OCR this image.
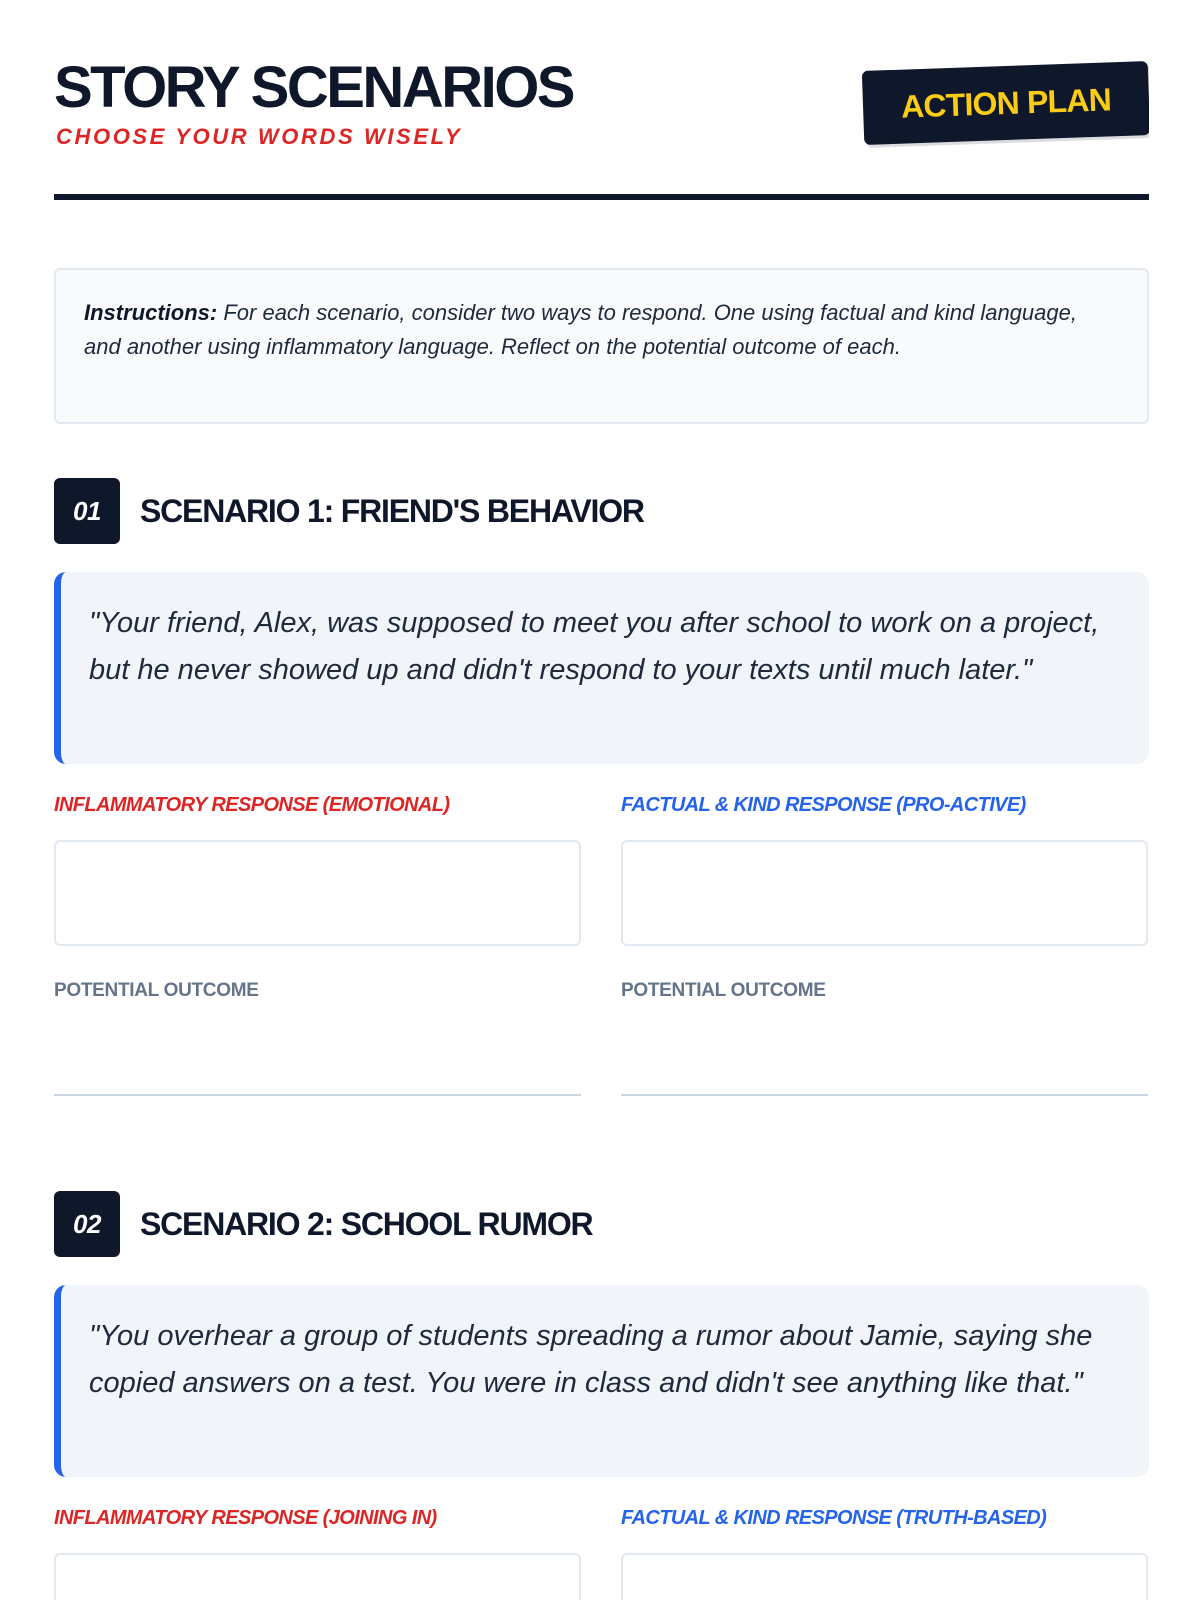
STORY SCENARIOS
CHOOSE YOUR WORDS WISELY
ACTION PLAN
Instructions: For each scenario, consider two ways to respond. One using factual and kind language, and another using inflammatory language. Reflect on the potential outcome of each.
01	SCENARIO 1: FRIEND'S BEHAVIOR
"Your friend, Alex, was supposed to meet you after school to work on a project, but he never showed up and didn't respond to your texts until much later."
INFLAMMATORY RESPONSE (EMOTIONAL)
POTENTIAL OUTCOME
FACTUAL & KIND RESPONSE (PRO-ACTIVE)
POTENTIAL OUTCOME
02	SCENARIO 2: SCHOOL RUMOR
"You overhear a group of students spreading a rumor about Jamie, saying she copied answers on a test. You were in class and didn't see anything like that."
INFLAMMATORY RESPONSE (JOINING IN)	FACTUAL & KIND RESPONSE (TRUTH-BASED)
